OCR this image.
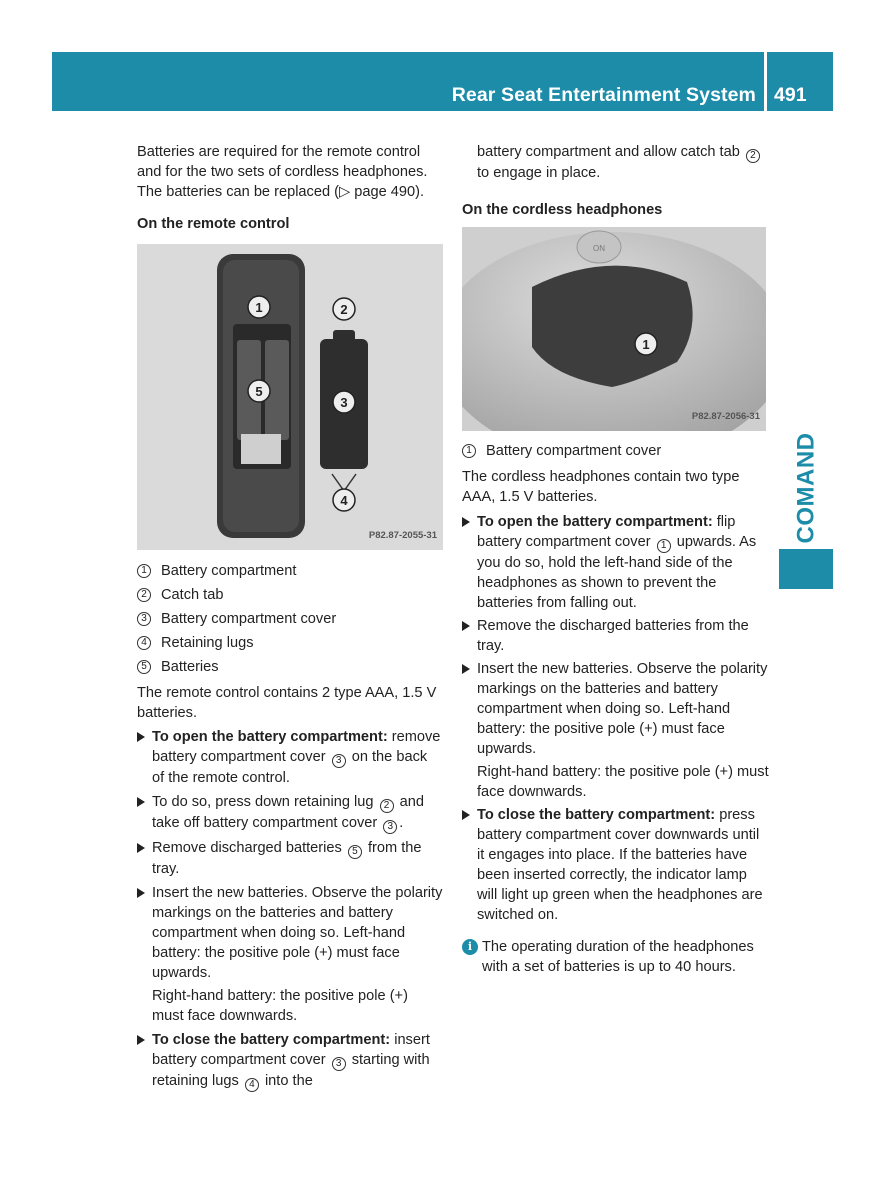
Rear Seat Entertainment System 491
COMAND

Batteries are required for the remote control and for the two sets of cordless headphones. The batteries can be replaced (▷ page 490).

On the remote control

1
5
2
3
4
P82.87-2055-31
1 Battery compartment
2 Catch tab
3 Battery compartment cover
4 Retaining lugs
5 Batteries

The remote control contains 2 type AAA, 1.5 V batteries.

To open the battery compartment: remove battery compartment cover 3 on the back of the remote control.
To do so, press down retaining lug 2 and take off battery compartment cover 3 .
Remove discharged batteries 5 from the tray.
Insert the new batteries. Observe the polarity markings on the batteries and battery compartment when doing so. Left-hand battery: the positive pole (+) must face upwards.

Right-hand battery: the positive pole (+) must face downwards.

To close the battery compartment: insert battery compartment cover 3 starting with retaining lugs 4 into the

battery compartment and allow catch tab 2 to engage in place.

On the cordless headphones

1
ON
P82.87-2056-31
1 Battery compartment cover

The cordless headphones contain two type AAA, 1.5 V batteries.

To open the battery compartment: flip battery compartment cover 1 upwards. As you do so, hold the left-hand side of the headphones as shown to prevent the batteries from falling out.
Remove the discharged batteries from the tray.
Insert the new batteries. Observe the polarity markings on the batteries and battery compartment when doing so. Left-hand battery: the positive pole (+) must face upwards.

Right-hand battery: the positive pole (+) must face downwards.

To close the battery compartment: press battery compartment cover downwards until it engages into place. If the batteries have been inserted correctly, the indicator lamp will light up green when the headphones are switched on.
i The operating duration of the headphones with a set of batteries is up to 40 hours.
